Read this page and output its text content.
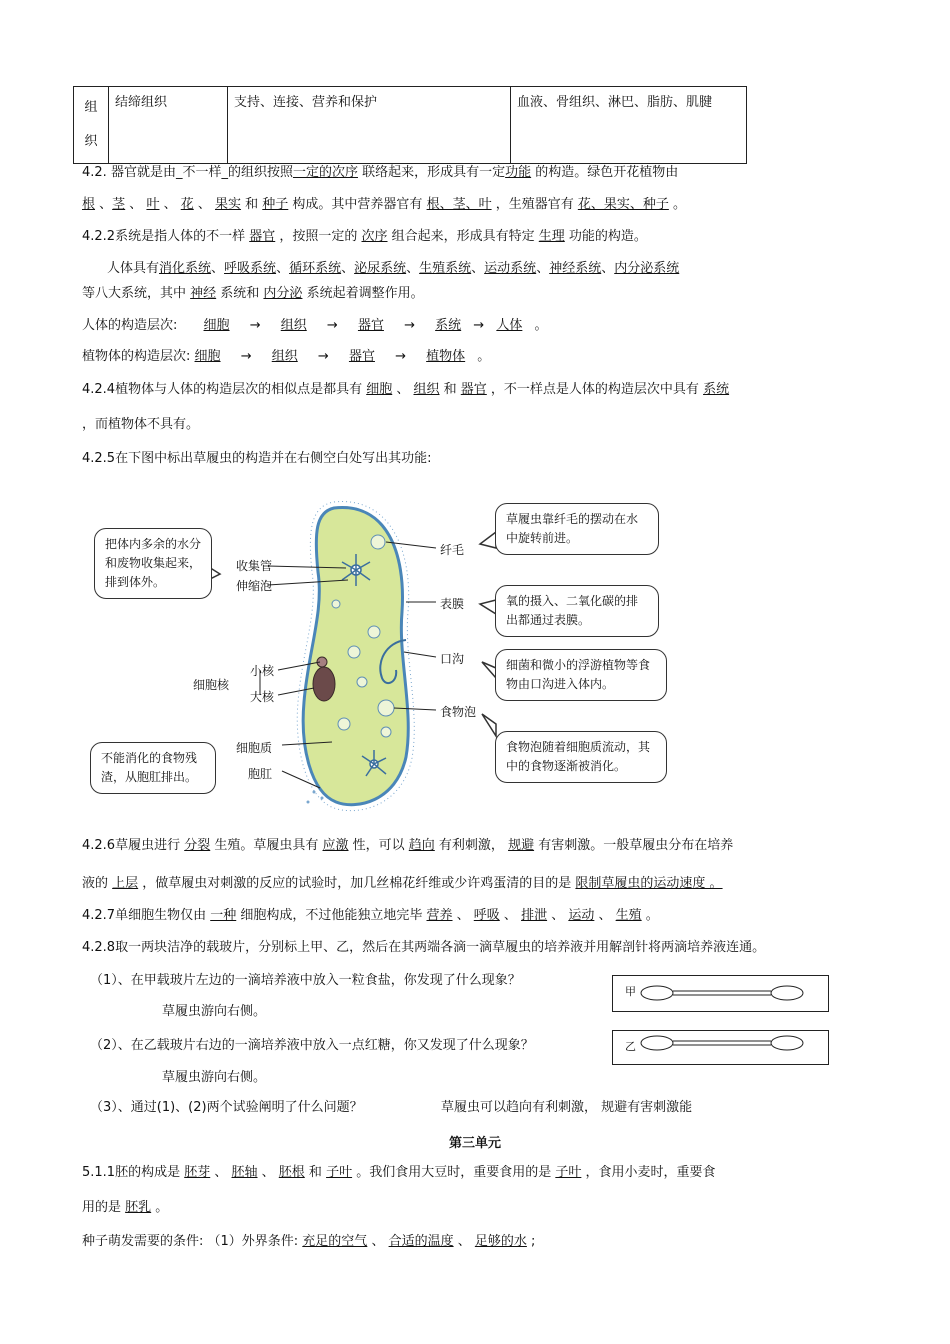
组
织	结缔组织	支持、连接、营养和保护	血液、骨组织、淋巴、脂肪、肌腱
4.2. 器官就是由_不一样_的组织按照一定的次序 联络起来，形成具有一定功能 的构造。绿色开花植物由
根 、茎 、 叶 、 花 、 果实 和 种子 构成。其中营养器官有 根、茎、叶 ，生殖器官有 花、果实、种子 。
4.2.2系统是指人体的不一样 器官 ，按照一定的 次序 组合起来，形成具有特定 生理 功能的构造。
人体具有消化系统、呼吸系统、循环系统、泌尿系统、生殖系统、运动系统、神经系统、内分泌系统
等八大系统，其中 神经 系统和 内分泌 系统起着调整作用。
人体的构造层次: 细胞 → 组织 → 器官 → 系统 → 人体 。
植物体的构造层次: 细胞 → 组织 → 器官 → 植物体 。
4.2.4植物体与人体的构造层次的相似点是都具有 细胞 、 组织 和 器官 ，不一样点是人体的构造层次中具有 系统
，而植物体不具有。
4.2.5在下图中标出草履虫的构造并在右侧空白处写出其功能:
把体内多余的水分和废物收集起来，排到体外。
草履虫靠纤毛的摆动在水中旋转前进。
氧的摄入、二氧化碳的排出都通过表膜。
细菌和微小的浮游植物等食物由口沟进入体内。
食物泡随着细胞质流动，其中的食物逐渐被消化。
不能消化的食物残渣，从胞肛排出。
收集管
伸缩泡
纤毛
表膜
口沟
食物泡
细胞核
小核
大核
细胞质
胞肛
4.2.6草履虫进行 分裂 生殖。草履虫具有 应激 性，可以 趋向 有利刺激， 规避 有害刺激。一般草履虫分布在培养
液的 上层 ，做草履虫对刺激的反应的试验时，加几丝棉花纤维或少许鸡蛋清的目的是 限制草履虫的运动速度 。
4.2.7单细胞生物仅由 一种 细胞构成，不过他能独立地完毕 营养 、 呼吸 、 排泄 、 运动 、 生殖 。
4.2.8取一两块洁净的载玻片，分别标上甲、乙，然后在其两端各滴一滴草履虫的培养液并用解剖针将两滴培养液连通。
（1）、在甲载玻片左边的一滴培养液中放入一粒食盐，你发现了什么现象？
草履虫游向右侧。
（2）、在乙载玻片右边的一滴培养液中放入一点红糖，你又发现了什么现象？
草履虫游向右侧。
（3）、通过(1)、(2)两个试验阐明了什么问题？	草履虫可以趋向有利刺激， 规避有害刺激能
甲
乙
第三单元
5.1.1胚的构成是 胚芽 、 胚轴 、 胚根 和 子叶 。我们食用大豆时，重要食用的是 子叶 ，食用小麦时，重要食
用的是 胚乳 。
种子萌发需要的条件: （1）外界条件: 充足的空气 、 合适的温度 、 足够的水 ;
